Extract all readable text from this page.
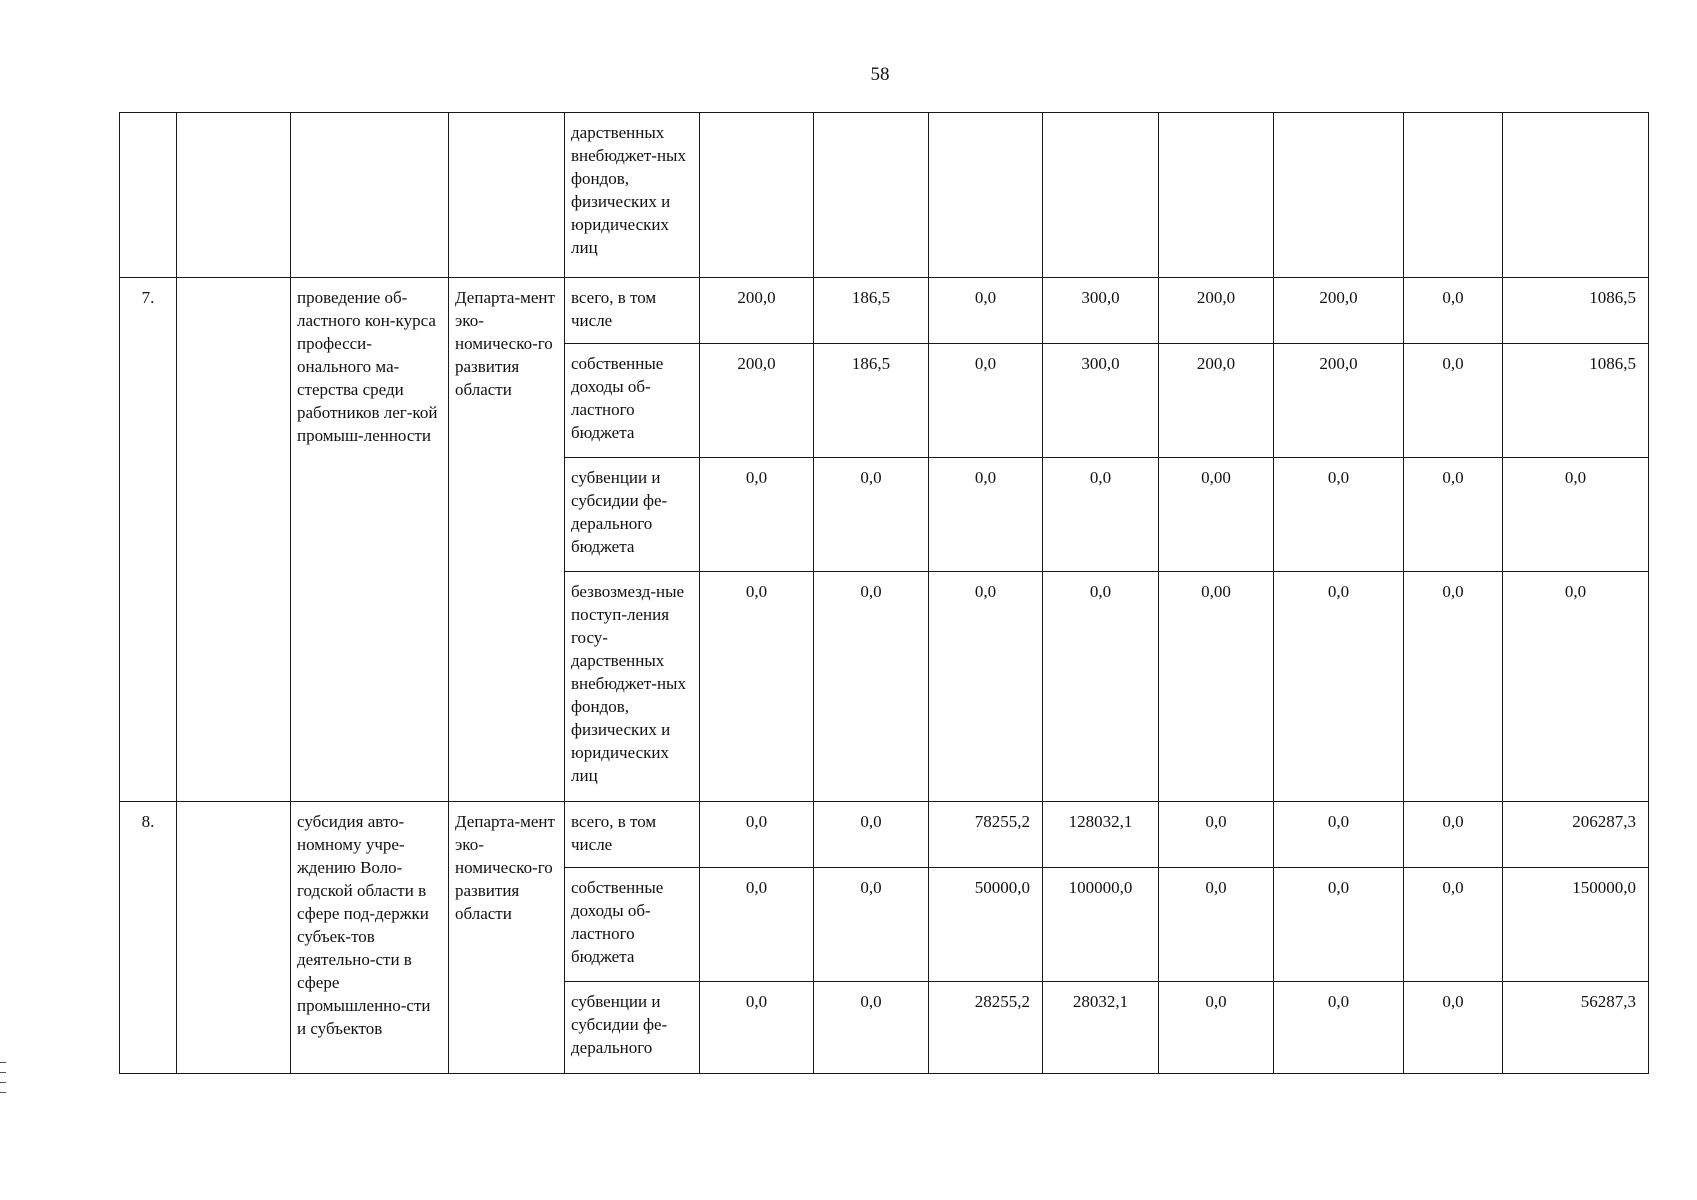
58
				дарственных внебюджет-ных фондов, физических и юридических лиц								
7.		проведение об-ластного кон-курса професси-онального ма-стерства среди работников лег-кой промыш-ленности	Департа-мент эко-номическо-го развития области	всего, в том числе	200,0	186,5	0,0	300,0	200,0	200,0	0,0	1086,5
				собственные доходы об-ластного бюджета	200,0	186,5	0,0	300,0	200,0	200,0	0,0	1086,5
				субвенции и субсидии фе-дерального бюджета	0,0	0,0	0,0	0,0	0,00	0,0	0,0	0,0
				безвозмезд-ные поступ-ления госу-дарственных внебюджет-ных фондов, физических и юридических лиц	0,0	0,0	0,0	0,0	0,00	0,0	0,0	0,0
8.		субсидия авто-номному учре-ждению Воло-годской области в сфере под-держки субъек-тов деятельно-сти в сфере промышленно-сти и субъектов	Департа-мент эко-номическо-го развития области	всего, в том числе	0,0	0,0	78255,2	128032,1	0,0	0,0	0,0	206287,3
				собственные доходы об-ластного бюджета	0,0	0,0	50000,0	100000,0	0,0	0,0	0,0	150000,0
				субвенции и субсидии фе-дерального	0,0	0,0	28255,2	28032,1	0,0	0,0	0,0	56287,3
